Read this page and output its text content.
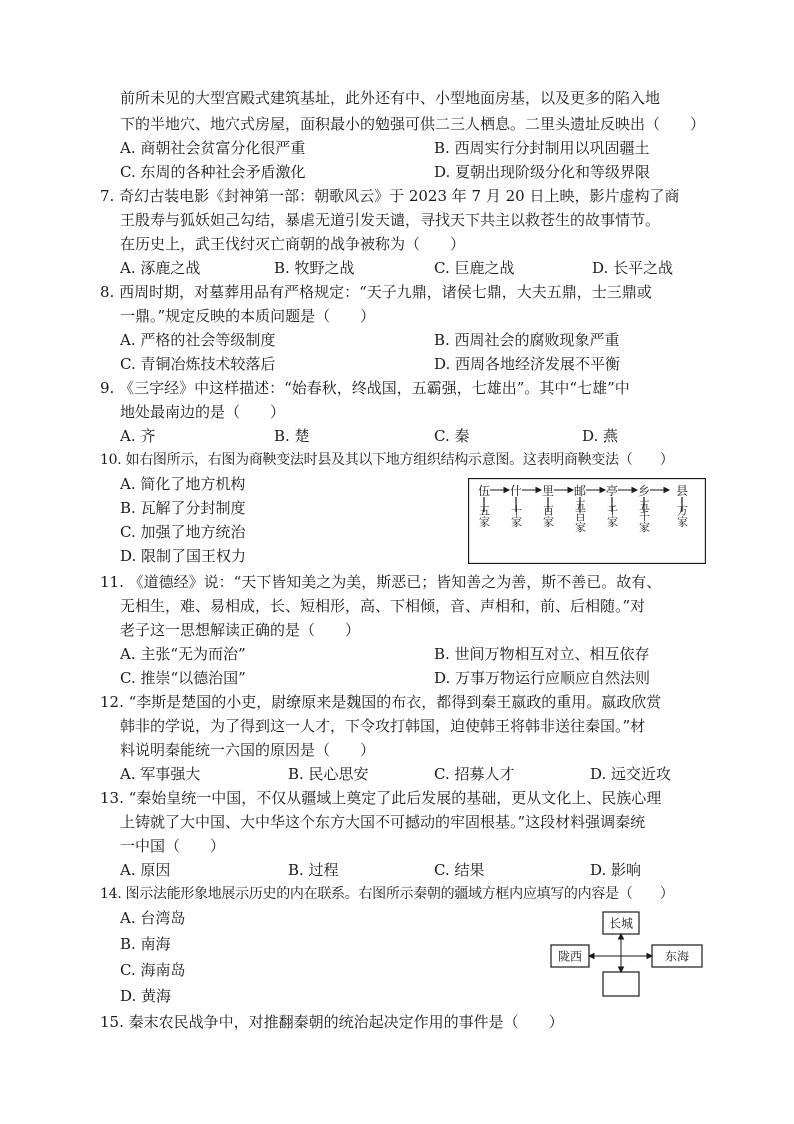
前所未见的大型宫殿式建筑基址，此外还有中、小型地面房基，以及更多的陷入地
下的半地穴、地穴式房屋，面积最小的勉强可供二三人栖息。二里头遗址反映出（　　）
A. 商朝社会贫富分化很严重	B. 西周实行分封制用以巩固疆土
C. 东周的各种社会矛盾激化	D. 夏朝出现阶级分化和等级界限
7. 奇幻古装电影《封神第一部：朝歌风云》于 2023 年 7 月 20 日上映，影片虚构了商
王殷寿与狐妖妲己勾结，暴虐无道引发天谴，寻找天下共主以救苍生的故事情节。
在历史上，武王伐纣灭亡商朝的战争被称为（　　）
A. 涿鹿之战	B. 牧野之战	C. 巨鹿之战	D. 长平之战
8. 西周时期，对墓葬用品有严格规定：“天子九鼎，诸侯七鼎，大夫五鼎，士三鼎或
一鼎。”规定反映的本质问题是（　　）
A. 严格的社会等级制度	B. 西周社会的腐败现象严重
C. 青铜冶炼技术较落后	D. 西周各地经济发展不平衡
9. 《三字经》中这样描述：“始春秋，终战国，五霸强，七雄出”。其中“七雄”中
地处最南边的是（　　）
A. 齐	B. 楚	C. 秦	D. 燕
10. 如右图所示，右图为商鞅变法时县及其以下地方组织结构示意图。这表明商鞅变法（　　）
A. 简化了地方机构
B. 瓦解了分封制度
C. 加强了地方统治
D. 限制了国王权力
伍 什 里 邮 亭 乡 县
五家 十家 百家 五百家 千家 五千家 万家
11. 《道德经》说：“天下皆知美之为美，斯恶已；皆知善之为善，斯不善已。故有、
无相生，难、易相成，长、短相形，高、下相倾，音、声相和，前、后相随。”对
老子这一思想解读正确的是（　　）
A. 主张“无为而治”	B. 世间万物相互对立、相互依存
C. 推崇“以德治国”	D. 万事万物运行应顺应自然法则
12. “李斯是楚国的小吏，尉缭原来是魏国的布衣，都得到秦王嬴政的重用。嬴政欣赏
韩非的学说，为了得到这一人才，下令攻打韩国，迫使韩王将韩非送往秦国。”材
料说明秦能统一六国的原因是（　　）
A. 军事强大	B. 民心思安	C. 招募人才	D. 远交近攻
13. “秦始皇统一中国，不仅从疆域上奠定了此后发展的基础，更从文化上、民族心理
上铸就了大中国、大中华这个东方大国不可撼动的牢固根基。”这段材料强调秦统
一中国（　　）
A. 原因	B. 过程	C. 结果	D. 影响
14. 图示法能形象地展示历史的内在联系。右图所示秦朝的疆域方框内应填写的内容是（　　）
A. 台湾岛
B. 南海
C. 海南岛
D. 黄海
长城
陇西	东海
15. 秦末农民战争中，对推翻秦朝的统治起决定作用的事件是（　　）
